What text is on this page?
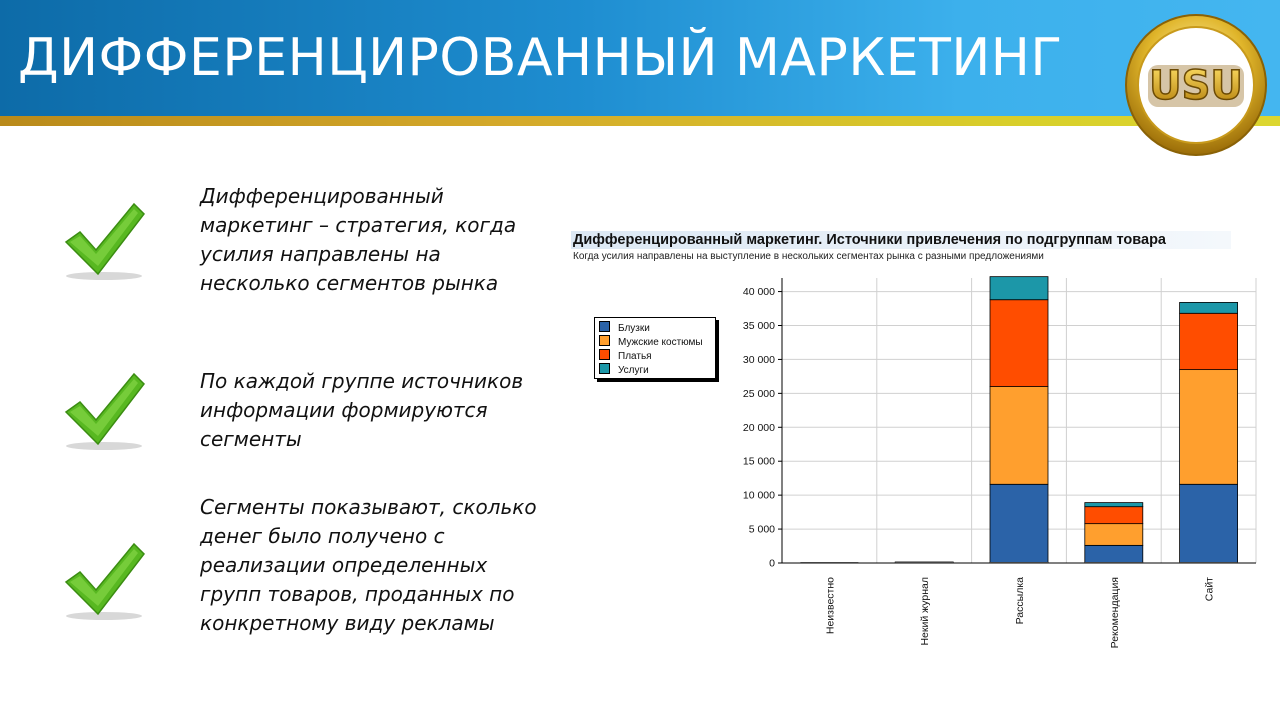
ДИФФЕРЕНЦИРОВАННЫЙ МАРКЕТИНГ USU

Дифференцированный маркетинг – стратегия, когда усилия направлены на несколько сегментов рынка

По каждой группе источников информации формируются сегменты

Сегменты показывают, сколько денег было получено с реализации определенных групп товаров, проданных по конкретному виду рекламы

Дифференцированный маркетинг. Источники привлечения по подгруппам товара
Когда усилия направлены на выступление в нескольких сегментах рынка с разными предложениями
Блузки
Мужские костюмы
Платья
Услуги
0
5 000
10 000
15 000
20 000
25 000
30 000
35 000
40 000
Неизвестно	Некий журнал	Рассылка	Рекомендация	Сайт
